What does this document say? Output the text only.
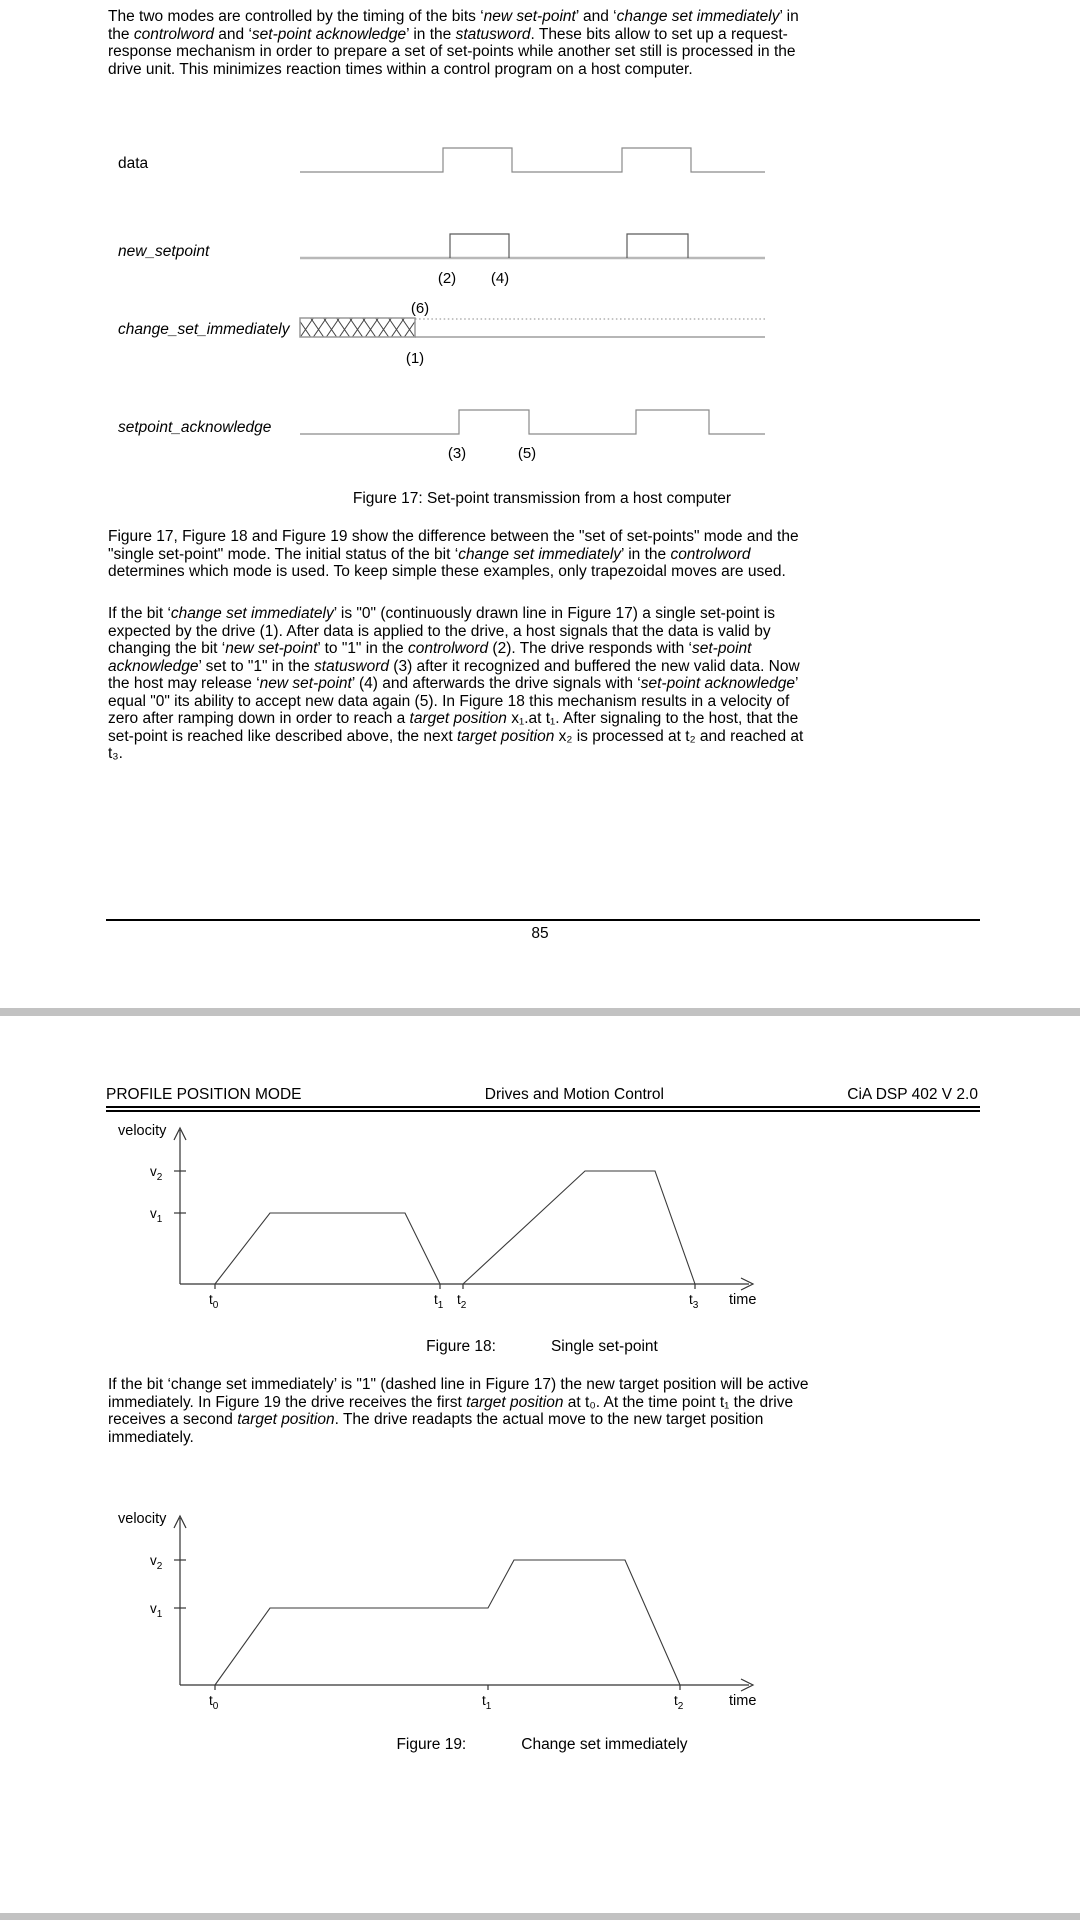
The two modes are controlled by the timing of the bits ‘new set-point’ and ‘change set immediately’ in
the controlword and ‘set-point acknowledge’ in the statusword. These bits allow to set up a request-
response mechanism in order to prepare a set of set-points while another set still is processed in the
drive unit. This minimizes reaction times within a control program on a host computer.

data
new_setpoint
(2) (4)
(6)
change_set_immediately
(1)
setpoint_acknowledge
(3)	(5)
Figure 17: Set-point transmission from a host computer

Figure 17, Figure 18 and Figure 19 show the difference between the "set of set-points" mode and the
"single set-point" mode. The initial status of the bit ‘change set immediately’ in the controlword
determines which mode is used. To keep simple these examples, only trapezoidal moves are used.

If the bit ‘change set immediately’ is "0" (continuously drawn line in Figure 17) a single set-point is
expected by the drive (1). After data is applied to the drive, a host signals that the data is valid by
changing the bit ‘new set-point’ to "1" in the controlword (2). The drive responds with ‘set-point
acknowledge’ set to "1" in the statusword (3) after it recognized and buffered the new valid data. Now
the host may release ‘new set-point’ (4) and afterwards the drive signals with ‘set-point acknowledge’
equal "0" its ability to accept new data again (5). In Figure 18 this mechanism results in a velocity of
zero after ramping down in order to reach a target position x₁.at t₁. After signaling to the host, that the
set-point is reached like described above, the next target position x₂ is processed at t₂ and reached at
t₃.

85
PROFILE POSITION MODE	Drives and Motion Control	CiA DSP 402 V 2.0
velocity
$v_2$
$v_1$
$t_0$	$t_1$ $t_2$	$t_3$ time
Figure 18:	Single set-point

If the bit ‘change set immediately’ is "1" (dashed line in Figure 17) the new target position will be active
immediately. In Figure 19 the drive receives the first target position at t₀. At the time point t₁ the drive
receives a second target position. The drive readapts the actual move to the new target position
immediately.

velocity
$v_2$
$v_1$
$t_0$	$t_1$	$t_2$	time
Figure 19:	Change set immediately
